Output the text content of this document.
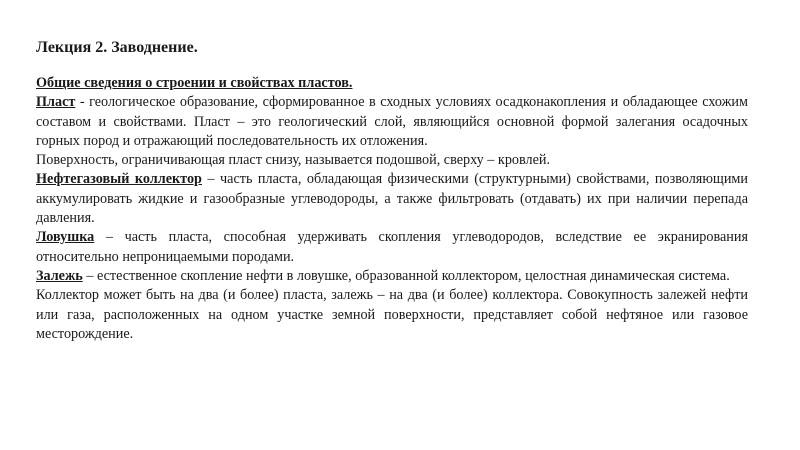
Лекция 2. Заводнение.

Общие сведения о строении и свойствах пластов.

Пласт - геологическое образование, сформированное в сходных условиях осадконакопления и обладающее схожим составом и свойствами. Пласт – это геологический слой, являющийся основной формой залегания осадочных горных пород и отражающий последовательность их отложения.

Поверхность, ограничивающая пласт снизу, называется подошвой, сверху – кровлей.

Нефтегазовый коллектор – часть пласта, обладающая физическими (структурными) свойствами, позволяющими аккумулировать жидкие и газообразные углеводороды, а также фильтровать (отдавать) их при наличии перепада давления.

Ловушка – часть пласта, способная удерживать скопления углеводородов, вследствие ее экранирования относительно непроницаемыми породами.

Залежь – естественное скопление нефти в ловушке, образованной коллектором, целостная динамическая система.

Коллектор может быть на два (и более) пласта, залежь – на два (и более) коллектора. Совокупность залежей нефти или газа, расположенных на одном участке земной поверхности, представляет собой нефтяное или газовое месторождение.
